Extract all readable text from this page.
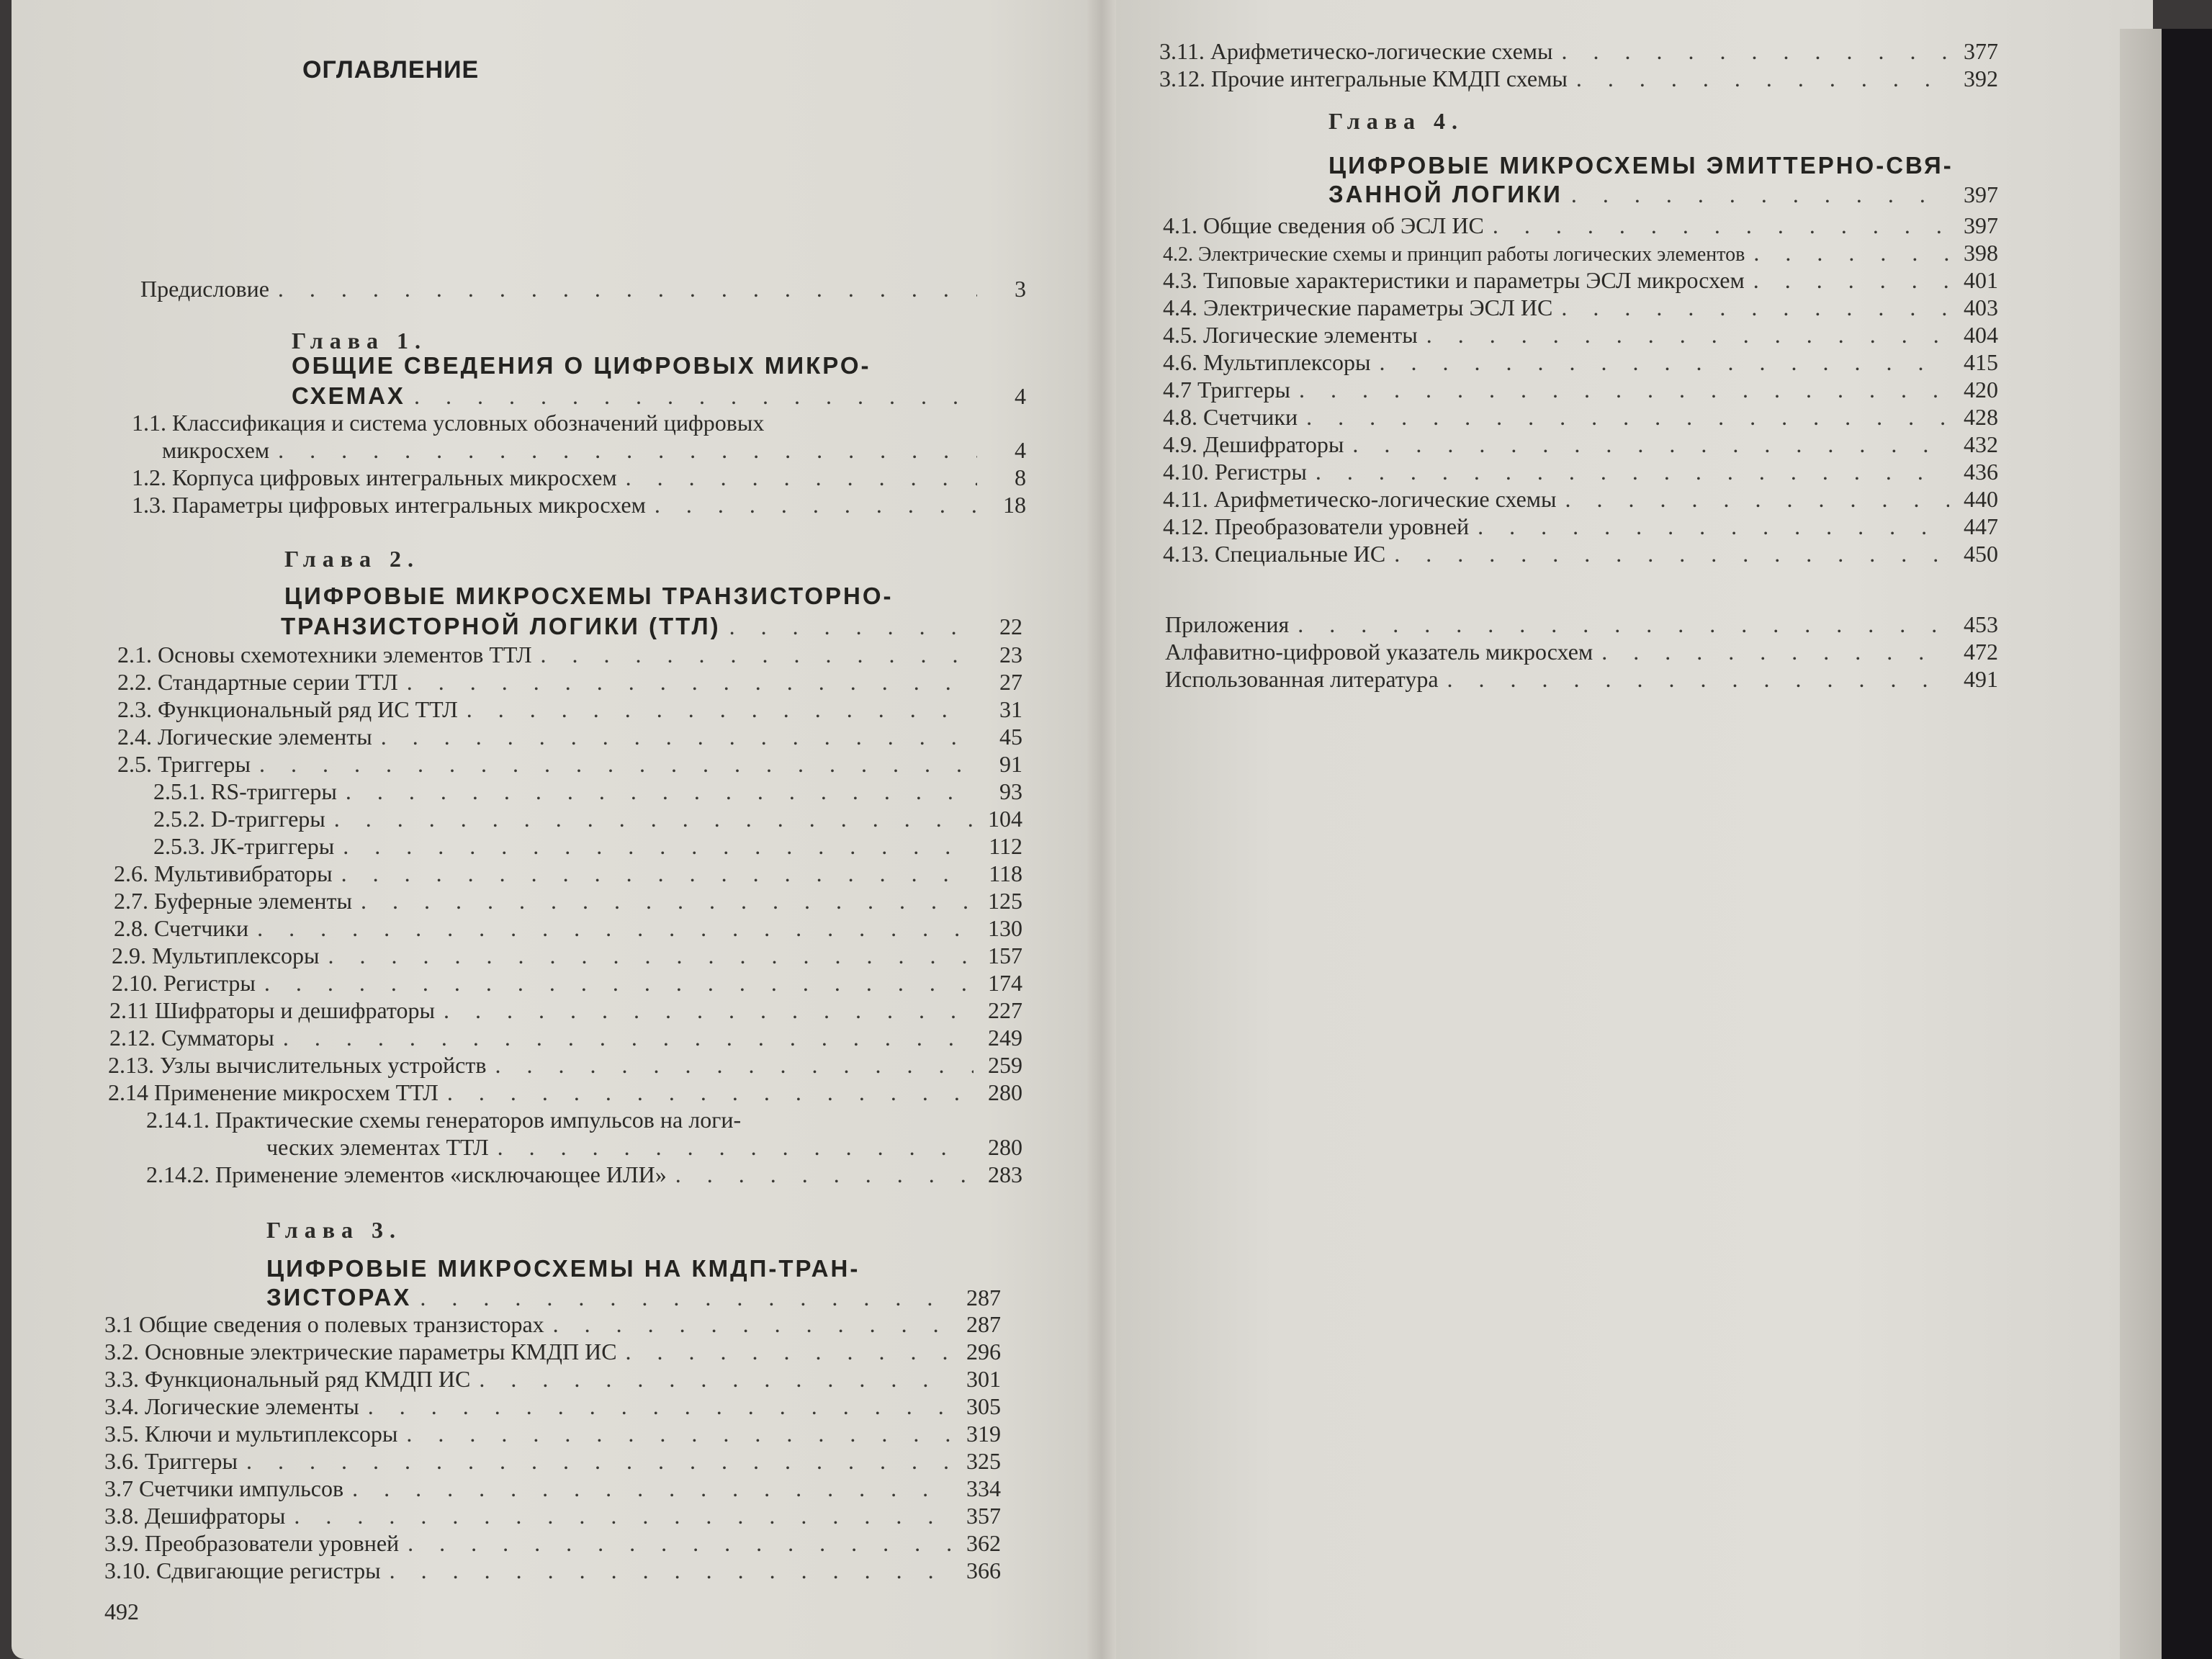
ОГЛАВЛЕНИЕ
Предисловие . . .	3
Глава 1.
ОБЩИЕ СВЕДЕНИЯ О ЦИФРОВЫХ МИКРО-
СХЕМАХ . . .	4
1.1. Классификация и система условных обозначений цифровых
микросхем . . .	4
1.2. Корпуса цифровых интегральных микросхем . . .	8
1.3. Параметры цифровых интегральных микросхем . . .	18
Глава 2.
ЦИФРОВЫЕ МИКРОСХЕМЫ ТРАНЗИСТОРНО-
ТРАНЗИСТОРНОЙ ЛОГИКИ (ТТЛ) . . .	22
2.1. Основы схемотехники элементов ТТЛ . . .	23
2.2. Стандартные серии ТТЛ . . .	27
2.3. Функциональный ряд ИС ТТЛ . . .	31
2.4. Логические элементы . . .	45
2.5. Триггеры . . .	91
2.5.1. RS-триггеры . . .	93
2.5.2. D-триггеры . . .	104
2.5.3. JK-триггеры . . .	112
2.6. Мультивибраторы . . .	118
2.7. Буферные элементы . . .	125
2.8. Счетчики . . .	130
2.9. Мультиплексоры . . .	157
2.10. Регистры . . .	174
2.11 Шифраторы и дешифраторы . . .	227
2.12. Сумматоры . . .	249
2.13. Узлы вычислительных устройств . . .	259
2.14 Применение микросхем ТТЛ . . .	280
2.14.1. Практические схемы генераторов импульсов на логи-
ческих элементах ТТЛ . . .	280
2.14.2. Применение элементов «исключающее ИЛИ» . . .	283
Глава 3.
ЦИФРОВЫЕ МИКРОСХЕМЫ НА КМДП-ТРАН-
ЗИСТОРАХ . . .	287
3.1 Общие сведения о полевых транзисторах . . .	287
3.2. Основные электрические параметры КМДП ИС . . .	296
3.3. Функциональный ряд КМДП ИС . . .	301
3.4. Логические элементы . . .	305
3.5. Ключи и мультиплексоры . . .	319
3.6. Триггеры . . .	325
3.7 Счетчики импульсов . . .	334
3.8. Дешифраторы . . .	357
3.9. Преобразователи уровней . . .	362
3.10. Сдвигающие регистры . . .	366
492
3.11. Арифметическо-логические схемы . . .	377
3.12. Прочие интегральные КМДП схемы . . .	392
Глава 4.
ЦИФРОВЫЕ МИКРОСХЕМЫ ЭМИТТЕРНО-СВЯ-
ЗАННОЙ ЛОГИКИ . . .	397
4.1. Общие сведения об ЭСЛ ИС . . .	397
4.2. Электрические схемы и принцип работы логических элементов . . .	398
4.3. Типовые характеристики и параметры ЭСЛ микросхем . . .	401
4.4. Электрические параметры ЭСЛ ИС . . .	403
4.5. Логические элементы . . .	404
4.6. Мультиплексоры . . .	415
4.7 Триггеры . . .	420
4.8. Счетчики . . .	428
4.9. Дешифраторы . . .	432
4.10. Регистры . . .	436
4.11. Арифметическо-логические схемы . . .	440
4.12. Преобразователи уровней . . .	447
4.13. Специальные ИС . . .	450
Приложения . . .	453
Алфавитно-цифровой указатель микросхем . . .	472
Использованная литература . . .	491
